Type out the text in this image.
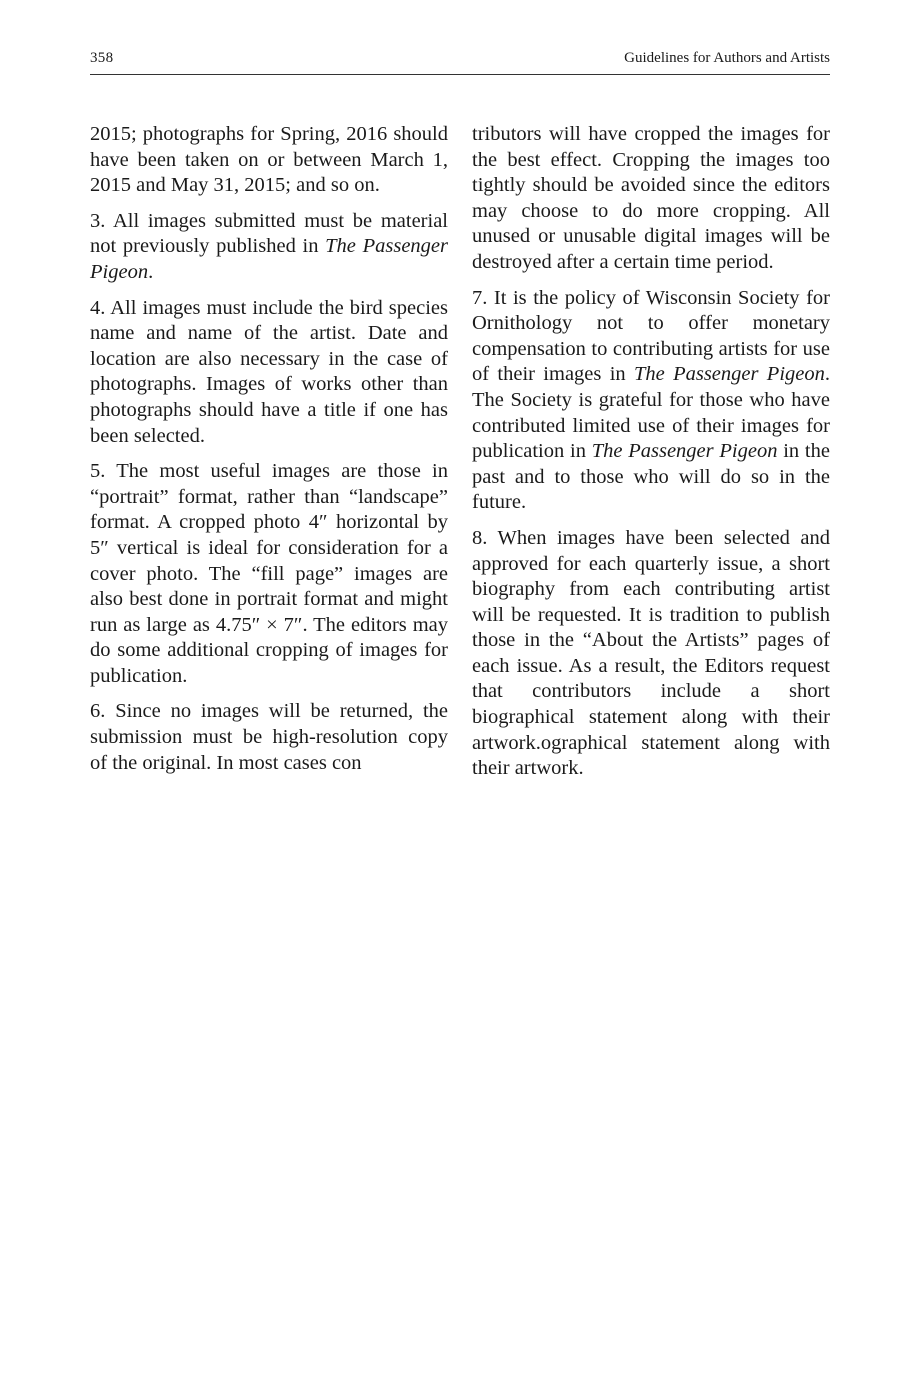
358	Guidelines for Authors and Artists

2015; photographs for Spring, 2016 should have been taken on or between March 1, 2015 and May 31, 2015; and so on.

3. All images submitted must be material not previously published in The Passenger Pigeon.

4. All images must include the bird species name and name of the artist. Date and location are also necessary in the case of photographs. Images of works other than photographs should have a title if one has been selected.

5. The most useful images are those in “portrait” format, rather than “landscape” format. A cropped photo 4″ horizontal by 5″ vertical is ideal for consideration for a cover photo. The “fill page” images are also best done in portrait format and might run as large as 4.75″ × 7″. The editors may do some additional cropping of images for publication.

6. Since no images will be returned, the submission must be high-resolution copy of the original. In most cases con

tributors will have cropped the images for the best effect. Cropping the images too tightly should be avoided since the editors may choose to do more cropping. All unused or unusable digital images will be destroyed after a certain time period.

7. It is the policy of Wisconsin Society for Ornithology not to offer monetary compensation to contributing artists for use of their images in The Passenger Pigeon. The Society is grateful for those who have contributed limited use of their images for publication in The Passenger Pigeon in the past and to those who will do so in the future.

8. When images have been selected and approved for each quarterly issue, a short biography from each contributing artist will be requested. It is tradition to publish those in the “About the Artists” pages of each issue. As a result, the Editors request that contributors include a short biographical statement along with their artwork.ographical statement along with their artwork.
